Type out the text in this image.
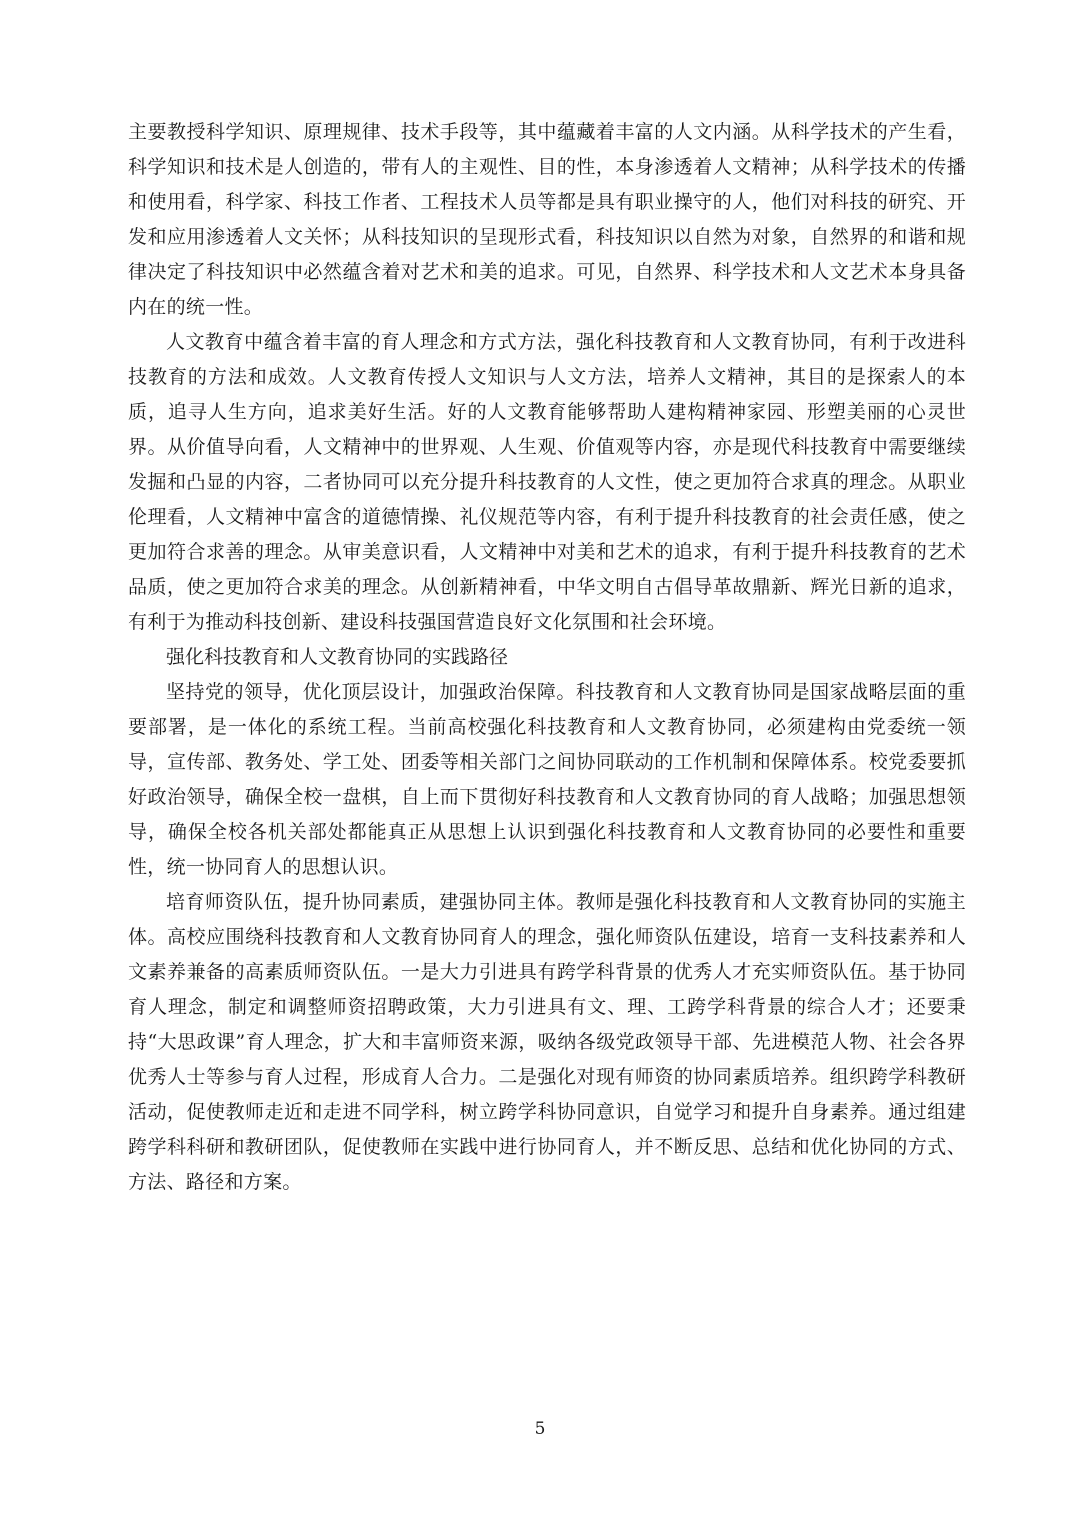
主要教授科学知识、原理规律、技术手段等，其中蕴藏着丰富的人文内涵。从科学技术的产生看，科学知识和技术是人创造的，带有人的主观性、目的性，本身渗透着人文精神；从科学技术的传播和使用看，科学家、科技工作者、工程技术人员等都是具有职业操守的人，他们对科技的研究、开发和应用渗透着人文关怀；从科技知识的呈现形式看，科技知识以自然为对象，自然界的和谐和规律决定了科技知识中必然蕴含着对艺术和美的追求。可见，自然界、科学技术和人文艺术本身具备内在的统一性。

人文教育中蕴含着丰富的育人理念和方式方法，强化科技教育和人文教育协同，有利于改进科技教育的方法和成效。人文教育传授人文知识与人文方法，培养人文精神，其目的是探索人的本质，追寻人生方向，追求美好生活。好的人文教育能够帮助人建构精神家园、形塑美丽的心灵世界。从价值导向看，人文精神中的世界观、人生观、价值观等内容，亦是现代科技教育中需要继续发掘和凸显的内容，二者协同可以充分提升科技教育的人文性，使之更加符合求真的理念。从职业伦理看，人文精神中富含的道德情操、礼仪规范等内容，有利于提升科技教育的社会责任感，使之更加符合求善的理念。从审美意识看，人文精神中对美和艺术的追求，有利于提升科技教育的艺术品质，使之更加符合求美的理念。从创新精神看，中华文明自古倡导革故鼎新、辉光日新的追求，有利于为推动科技创新、建设科技强国营造良好文化氛围和社会环境。

强化科技教育和人文教育协同的实践路径

坚持党的领导，优化顶层设计，加强政治保障。科技教育和人文教育协同是国家战略层面的重要部署，是一体化的系统工程。当前高校强化科技教育和人文教育协同，必须建构由党委统一领导，宣传部、教务处、学工处、团委等相关部门之间协同联动的工作机制和保障体系。校党委要抓好政治领导，确保全校一盘棋，自上而下贯彻好科技教育和人文教育协同的育人战略；加强思想领导，确保全校各机关部处都能真正从思想上认识到强化科技教育和人文教育协同的必要性和重要性，统一协同育人的思想认识。

培育师资队伍，提升协同素质，建强协同主体。教师是强化科技教育和人文教育协同的实施主体。高校应围绕科技教育和人文教育协同育人的理念，强化师资队伍建设，培育一支科技素养和人文素养兼备的高素质师资队伍。一是大力引进具有跨学科背景的优秀人才充实师资队伍。基于协同育人理念，制定和调整师资招聘政策，大力引进具有文、理、工跨学科背景的综合人才；还要秉持“大思政课”育人理念，扩大和丰富师资来源，吸纳各级党政领导干部、先进模范人物、社会各界优秀人士等参与育人过程，形成育人合力。二是强化对现有师资的协同素质培养。组织跨学科教研活动，促使教师走近和走进不同学科，树立跨学科协同意识，自觉学习和提升自身素养。通过组建跨学科科研和教研团队，促使教师在实践中进行协同育人，并不断反思、总结和优化协同的方式、方法、路径和方案。

5
